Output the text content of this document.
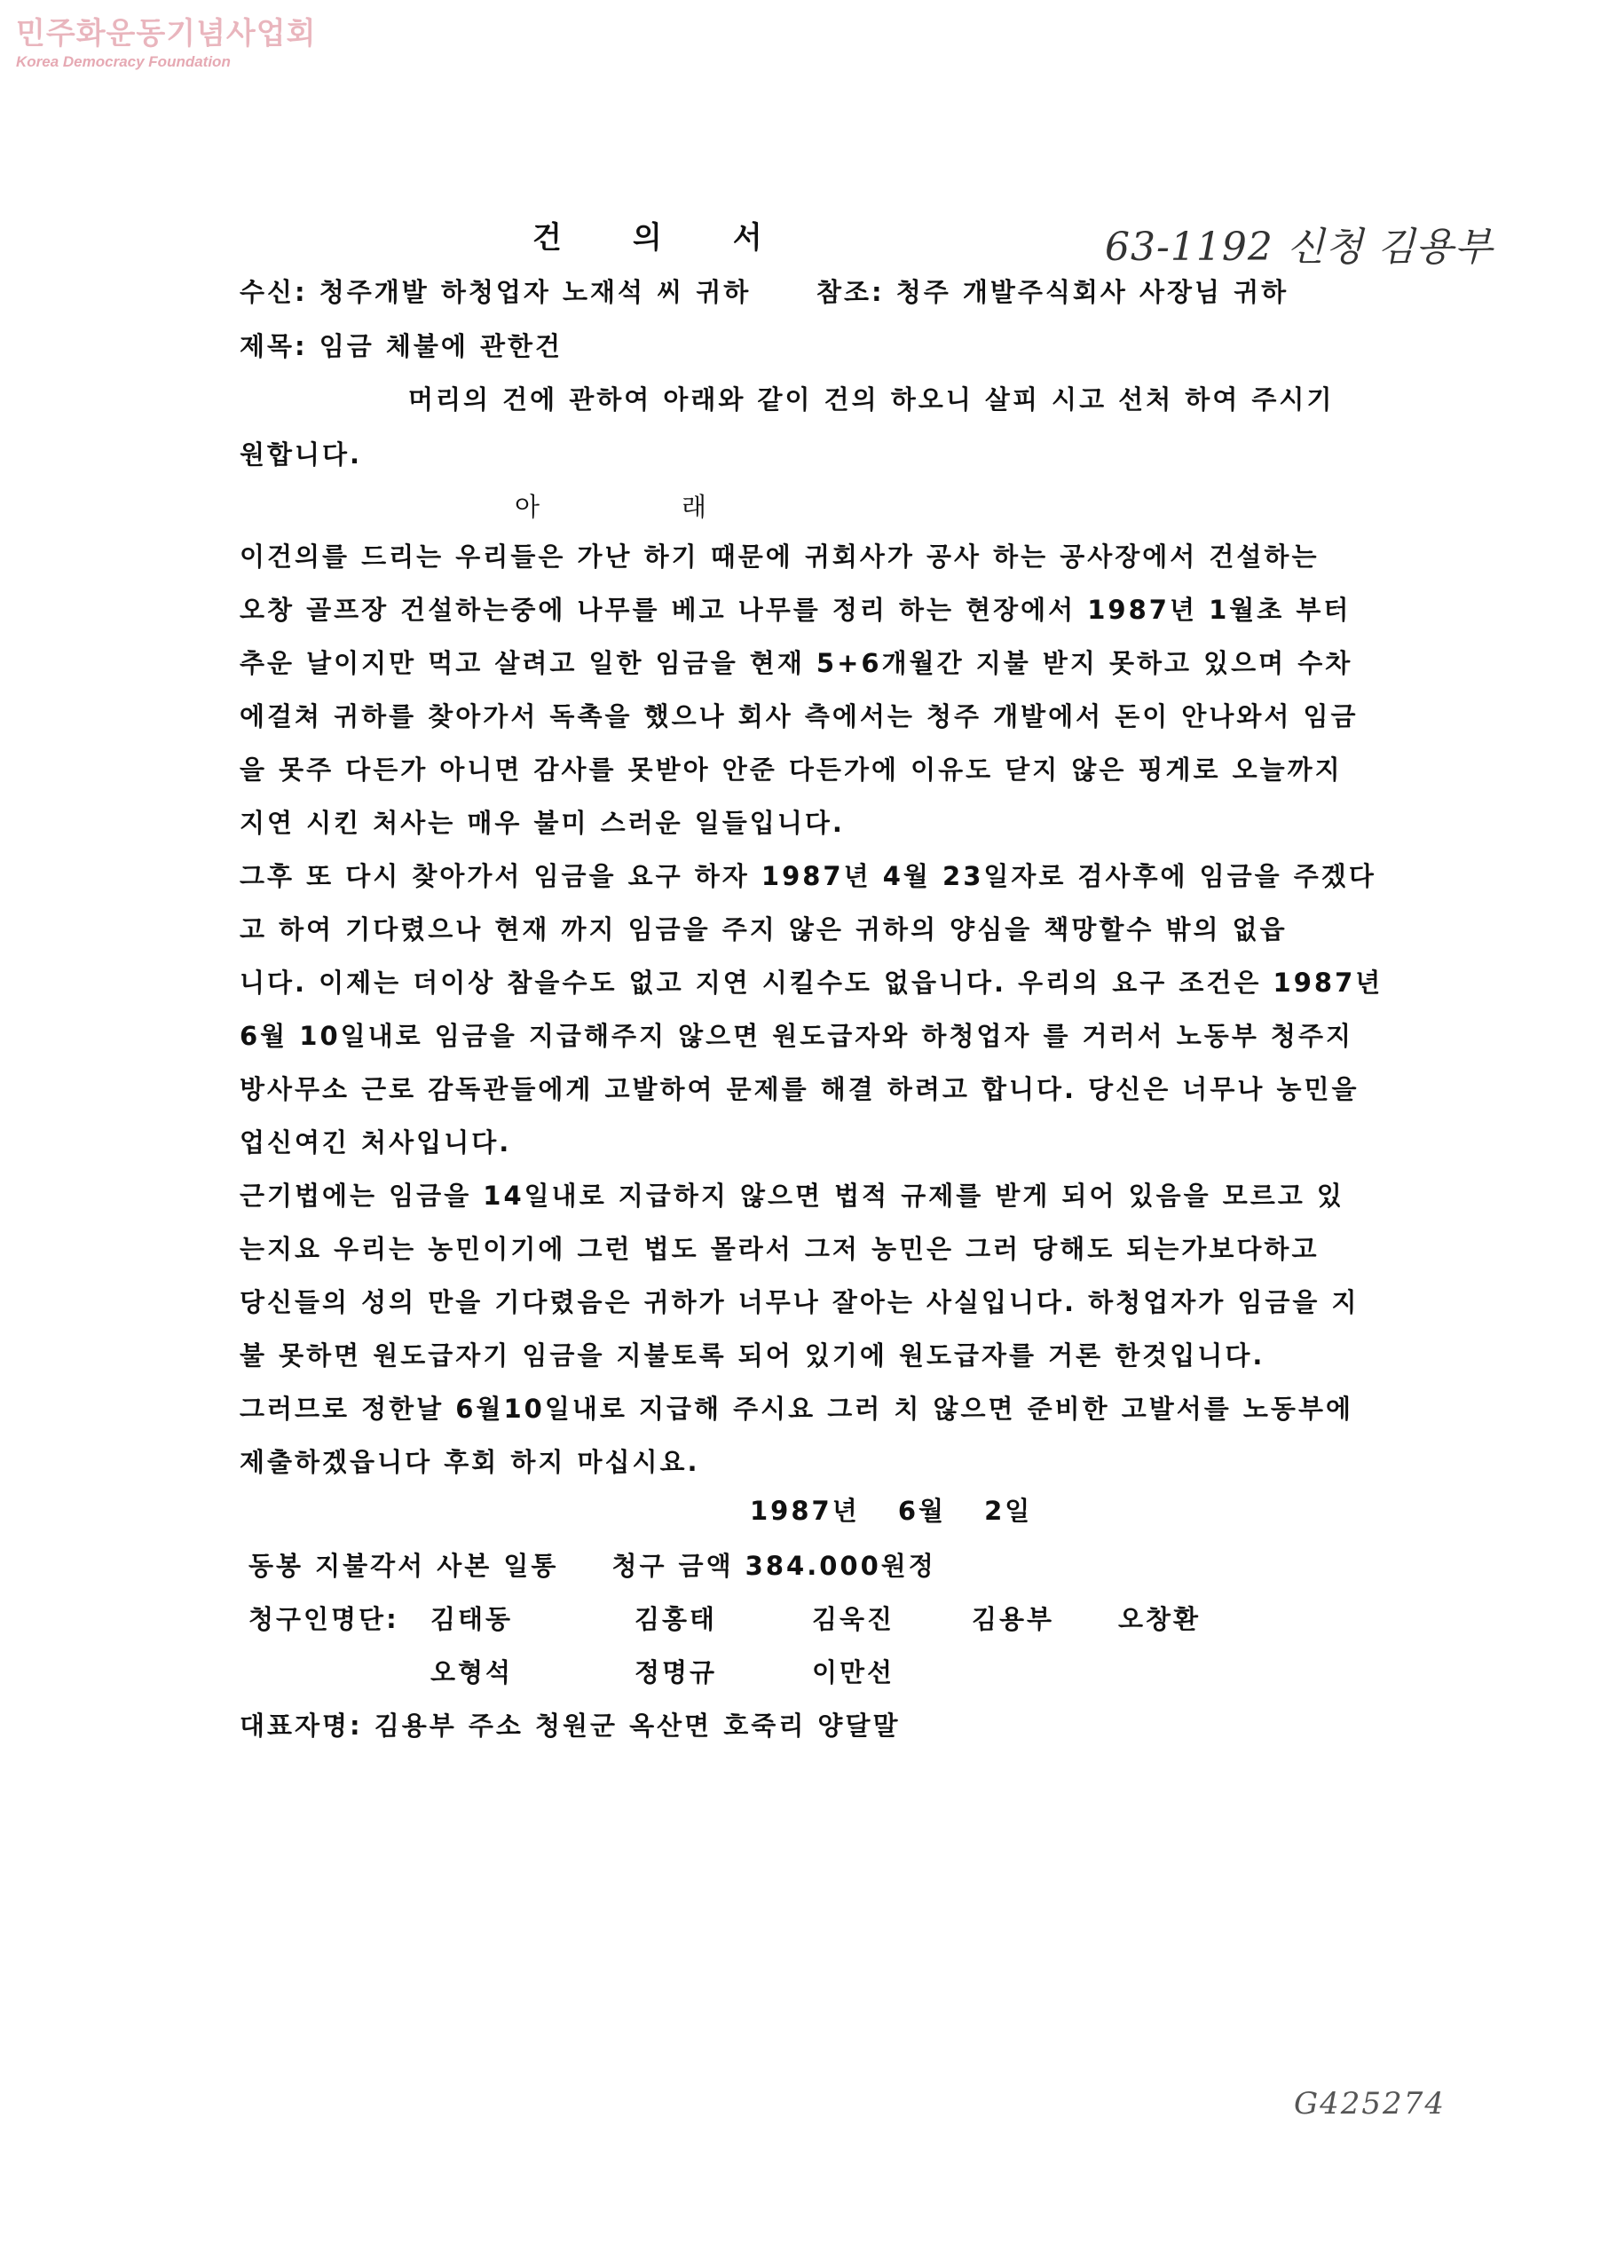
민주화운동기념사업회
Korea Democracy Foundation
63-1192 신청 김용부
G425274
건의서
수신: 청주개발 하청업자 노재석 씨 귀하	참조: 청주 개발주식회사 사장님 귀하
제목: 임금 체불에 관한건
머리의 건에 관하여 아래와 같이 건의 하오니 살피 시고 선처 하여 주시기
원합니다.
아래
이건의를 드리는 우리들은 가난 하기 때문에 귀회사가 공사 하는 공사장에서 건설하는
오창 골프장 건설하는중에 나무를 베고 나무를 정리 하는 현장에서 1987년 1월초 부터
추운 날이지만 먹고 살려고 일한 임금을 현재 5+6개월간 지불 받지 못하고 있으며 수차
에걸쳐 귀하를 찾아가서 독촉을 했으나 회사 측에서는 청주 개발에서 돈이 안나와서 임금
을 못주 다든가 아니면 감사를 못받아 안준 다든가에 이유도 닫지 않은 핑게로 오늘까지
지연 시킨 처사는 매우 불미 스러운 일들입니다.
그후 또 다시 찾아가서 임금을 요구 하자 1987년 4월 23일자로 검사후에 임금을 주겠다
고 하여 기다렸으나 현재 까지 임금을 주지 않은 귀하의 양심을 책망할수 밖의 없읍
니다. 이제는 더이상 참을수도 없고 지연 시킬수도 없읍니다. 우리의 요구 조건은 1987년
6월 10일내로 임금을 지급해주지 않으면 원도급자와 하청업자 를 거러서 노동부 청주지
방사무소 근로 감독관들에게 고발하여 문제를 해결 하려고 합니다. 당신은 너무나 농민을
업신여긴 처사입니다.
근기법에는 임금을 14일내로 지급하지 않으면 법적 규제를 받게 되어 있음을 모르고 있
는지요 우리는 농민이기에 그런 법도 몰라서 그저 농민은 그러 당해도 되는가보다하고
당신들의 성의 만을 기다렸음은 귀하가 너무나 잘아는 사실입니다. 하청업자가 임금을 지
불 못하면 원도급자기 임금을 지불토록 되어 있기에 원도급자를 거론 한것입니다.
그러므로 정한날 6월10일내로 지급해 주시요 그러 치 않으면 준비한 고발서를 노동부에
제출하겠읍니다 후회 하지 마십시요.
1987년 6월 2일
동봉 지불각서 사본 일통 청구 금액 384.000원정
청구인명단: 김태동	김홍태	김욱진	김용부 오창환
오형석	정명규	이만선
대표자명: 김용부 주소 청원군 옥산면 호죽리 양달말
